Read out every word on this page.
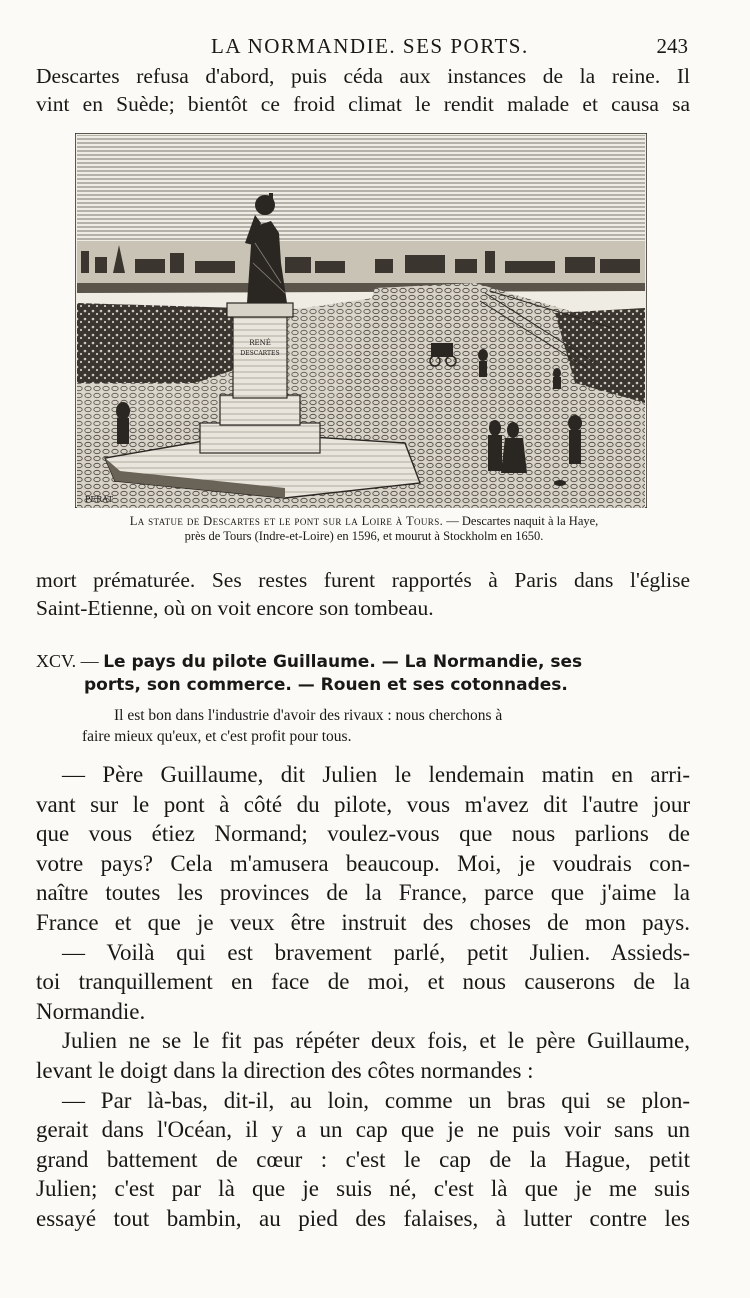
LA NORMANDIE. SES PORTS.	243
Descartes refusa d'abord, puis céda aux instances de la reine. Il
vint en Suède; bientôt ce froid climat le rendit malade et causa sa
RENÉ
DESCARTES
PERAT
La statue de Descartes et le pont sur la Loire à Tours. — Descartes naquit à la Haye,
près de Tours (Indre-et-Loire) en 1596, et mourut à Stockholm en 1650.
mort prématurée. Ses restes furent rapportés à Paris dans l'église
Saint-Etienne, où on voit encore son tombeau.
XCV. — Le pays du pilote Guillaume. — La Normandie, ses
ports, son commerce. — Rouen et ses cotonnades.
Il est bon dans l'industrie d'avoir des rivaux : nous cherchons à
faire mieux qu'eux, et c'est profit pour tous.
— Père Guillaume, dit Julien le lendemain matin en arri-
vant sur le pont à côté du pilote, vous m'avez dit l'autre jour
que vous étiez Normand; voulez-vous que nous parlions de
votre pays? Cela m'amusera beaucoup. Moi, je voudrais con-
naître toutes les provinces de la France, parce que j'aime la
France et que je veux être instruit des choses de mon pays.
— Voilà qui est bravement parlé, petit Julien. Assieds-
toi tranquillement en face de moi, et nous causerons de la
Normandie.
Julien ne se le fit pas répéter deux fois, et le père Guillaume,
levant le doigt dans la direction des côtes normandes :
— Par là-bas, dit-il, au loin, comme un bras qui se plon-
gerait dans l'Océan, il y a un cap que je ne puis voir sans un
grand battement de cœur : c'est le cap de la Hague, petit
Julien; c'est par là que je suis né, c'est là que je me suis
essayé tout bambin, au pied des falaises, à lutter contre les
